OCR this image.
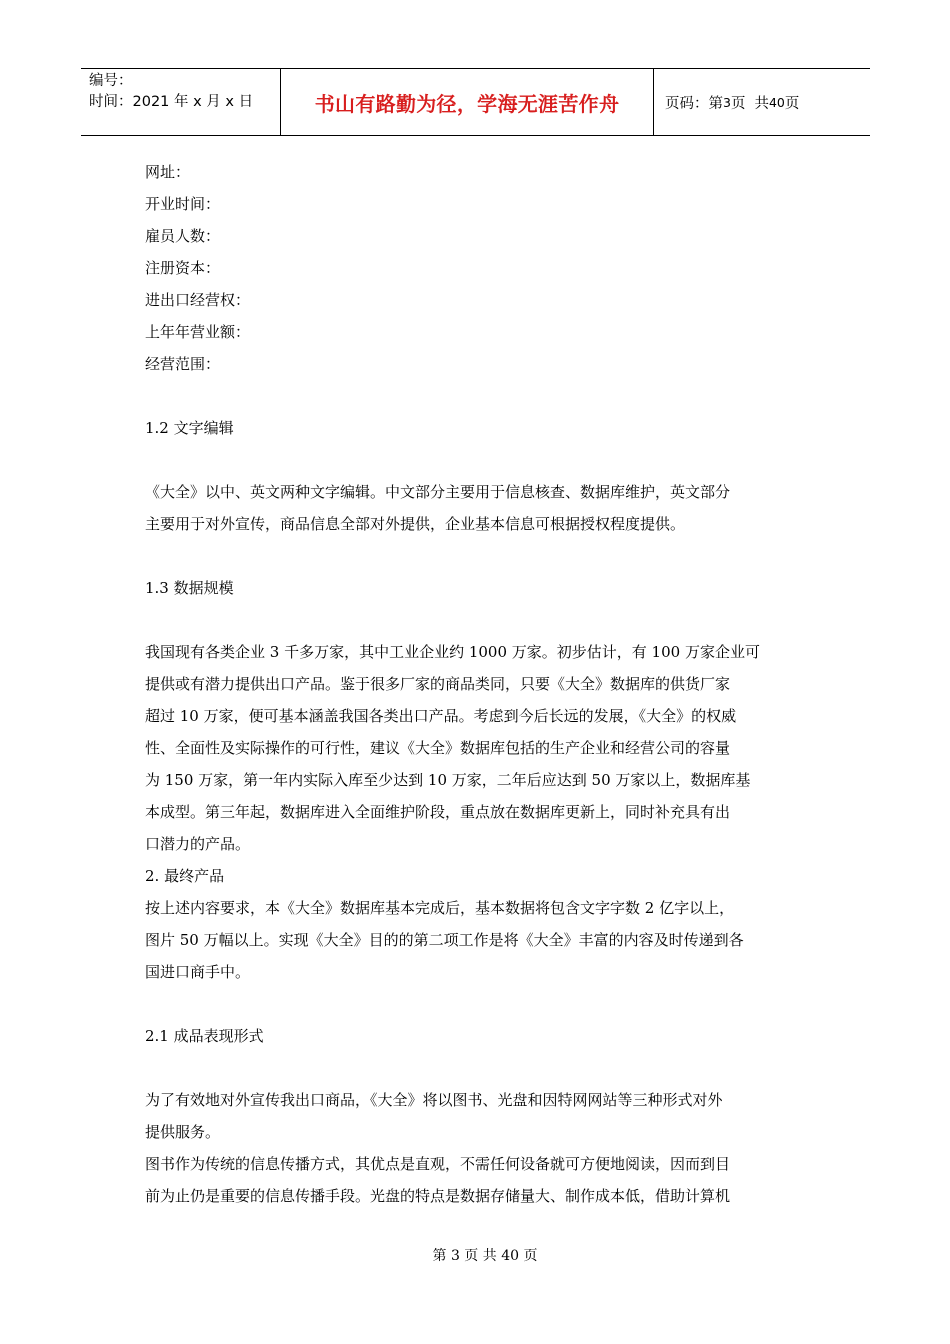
编号：
时间：2021 年 x 月 x 日	书山有路勤为径，学海无涯苦作舟	页码：第 3 页 共 40 页

网址：

开业时间：

雇员人数：

注册资本：

进出口经营权：

上年年营业额：

经营范围：

1.2 文字编辑

《大全》以中、英文两种文字编辑。中文部分主要用于信息核查、数据库维护，英文部分

主要用于对外宣传，商品信息全部对外提供，企业基本信息可根据授权程度提供。

1.3 数据规模

我国现有各类企业 3 千多万家，其中工业企业约 1000 万家。初步估计，有 100 万家企业可

提供或有潜力提供出口产品。鉴于很多厂家的商品类同，只要《大全》数据库的供货厂家

超过 10 万家，便可基本涵盖我国各类出口产品。考虑到今后长远的发展，《大全》的权威

性、全面性及实际操作的可行性，建议《大全》数据库包括的生产企业和经营公司的容量

为 150 万家，第一年内实际入库至少达到 10 万家，二年后应达到 50 万家以上，数据库基

本成型。第三年起，数据库进入全面维护阶段，重点放在数据库更新上，同时补充具有出

口潜力的产品。

2. 最终产品

按上述内容要求，本《大全》数据库基本完成后，基本数据将包含文字字数 2 亿字以上，

图片 50 万幅以上。实现《大全》目的的第二项工作是将《大全》丰富的内容及时传递到各

国进口商手中。

2.1 成品表现形式

为了有效地对外宣传我出口商品，《大全》将以图书、光盘和因特网网站等三种形式对外

提供服务。

图书作为传统的信息传播方式，其优点是直观，不需任何设备就可方便地阅读，因而到目

前为止仍是重要的信息传播手段。光盘的特点是数据存储量大、制作成本低，借助计算机

第 3 页 共 40 页
